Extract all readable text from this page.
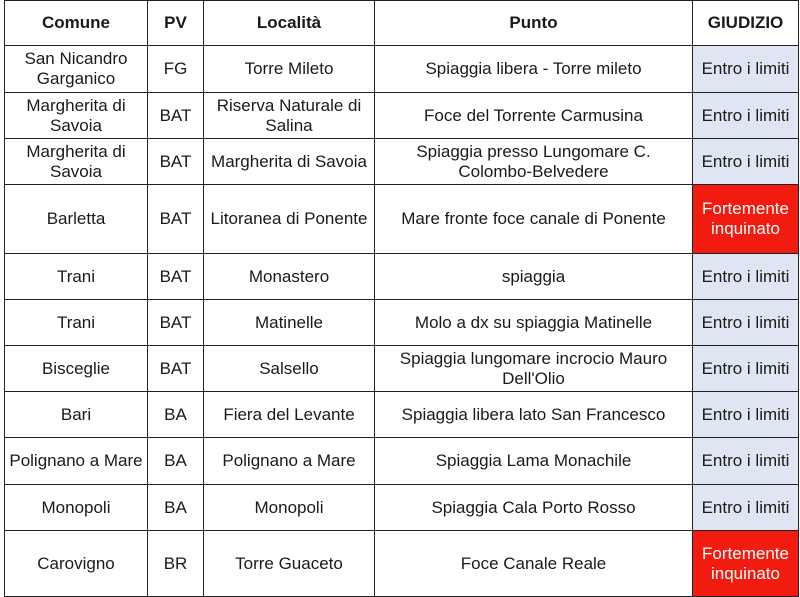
Comune	PV	Località	Punto	GIUDIZIO
San Nicandro Garganico	FG	Torre Mileto	Spiaggia libera - Torre mileto	Entro i limiti
Margherita di Savoia	BAT	Riserva Naturale di Salina	Foce del Torrente Carmusina	Entro i limiti
Margherita di Savoia	BAT	Margherita di Savoia	Spiaggia presso Lungomare C. Colombo-Belvedere	Entro i limiti
Barletta	BAT	Litoranea di Ponente	Mare fronte foce canale di Ponente	Fortemente inquinato
Trani	BAT	Monastero	spiaggia	Entro i limiti
Trani	BAT	Matinelle	Molo a dx su spiaggia Matinelle	Entro i limiti
Bisceglie	BAT	Salsello	Spiaggia lungomare incrocio Mauro Dell'Olio	Entro i limiti
Bari	BA	Fiera del Levante	Spiaggia libera lato San Francesco	Entro i limiti
Polignano a Mare	BA	Polignano a Mare	Spiaggia Lama Monachile	Entro i limiti
Monopoli	BA	Monopoli	Spiaggia Cala Porto Rosso	Entro i limiti
Carovigno	BR	Torre Guaceto	Foce Canale Reale	Fortemente inquinato
